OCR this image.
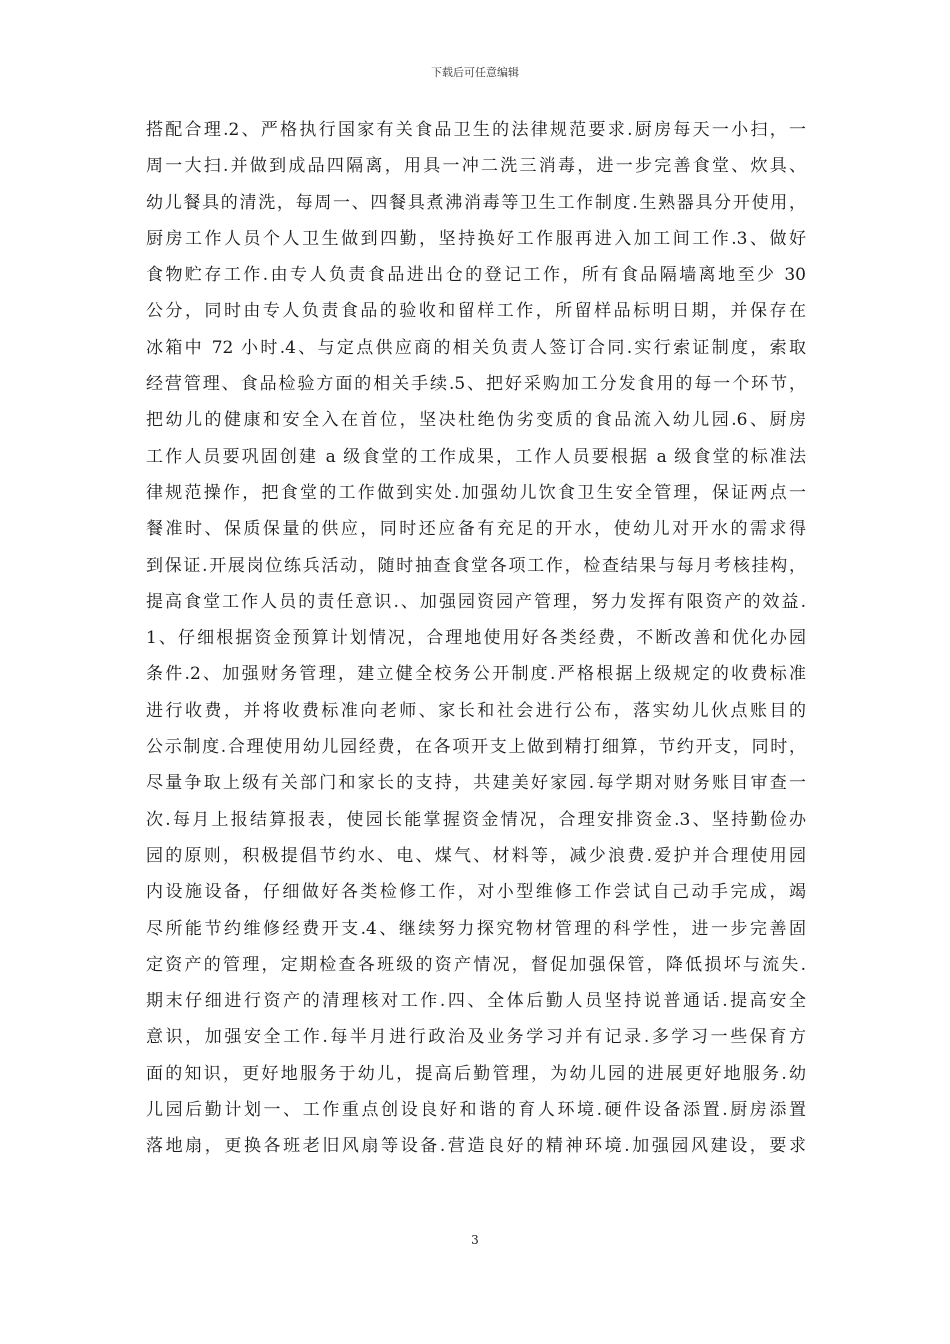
下载后可任意编辑
搭配合理.2、严格执行国家有关食品卫生的法律规范要求.厨房每天一小扫，一
周一大扫.并做到成品四隔离，用具一冲二洗三消毒，进一步完善食堂、炊具、
幼儿餐具的清洗，每周一、四餐具煮沸消毒等卫生工作制度.生熟器具分开使用，
厨房工作人员个人卫生做到四勤，坚持换好工作服再进入加工间工作.3、做好
食物贮存工作.由专人负责食品进出仓的登记工作，所有食品隔墙离地至少 30
公分，同时由专人负责食品的验收和留样工作，所留样品标明日期，并保存在
冰箱中 72 小时.4、与定点供应商的相关负责人签订合同.实行索证制度，索取
经营管理、食品检验方面的相关手续.5、把好采购加工分发食用的每一个环节，
把幼儿的健康和安全入在首位，坚决杜绝伪劣变质的食品流入幼儿园.6、厨房
工作人员要巩固创建 a 级食堂的工作成果，工作人员要根据 a 级食堂的标准法
律规范操作，把食堂的工作做到实处.加强幼儿饮食卫生安全管理，保证两点一
餐准时、保质保量的供应，同时还应备有充足的开水，使幼儿对开水的需求得
到保证.开展岗位练兵活动，随时抽查食堂各项工作，检查结果与每月考核挂构，
提高食堂工作人员的责任意识.、加强园资园产管理，努力发挥有限资产的效益.
1、仔细根据资金预算计划情况，合理地使用好各类经费，不断改善和优化办园
条件.2、加强财务管理，建立健全校务公开制度.严格根据上级规定的收费标准
进行收费，并将收费标准向老师、家长和社会进行公布，落实幼儿伙点账目的
公示制度.合理使用幼儿园经费，在各项开支上做到精打细算，节约开支，同时，
尽量争取上级有关部门和家长的支持，共建美好家园.每学期对财务账目审查一
次.每月上报结算报表，使园长能掌握资金情况，合理安排资金.3、坚持勤俭办
园的原则，积极提倡节约水、电、煤气、材料等，减少浪费.爱护并合理使用园
内设施设备，仔细做好各类检修工作，对小型维修工作尝试自己动手完成，竭
尽所能节约维修经费开支.4、继续努力探究物材管理的科学性，进一步完善固
定资产的管理，定期检查各班级的资产情况，督促加强保管，降低损坏与流失.
期末仔细进行资产的清理核对工作.四、全体后勤人员坚持说普通话.提高安全
意识，加强安全工作.每半月进行政治及业务学习并有记录.多学习一些保育方
面的知识，更好地服务于幼儿，提高后勤管理，为幼儿园的进展更好地服务.幼
儿园后勤计划一、工作重点创设良好和谐的育人环境.硬件设备添置.厨房添置
落地扇，更换各班老旧风扇等设备.营造良好的精神环境.加强园风建设，要求
3
